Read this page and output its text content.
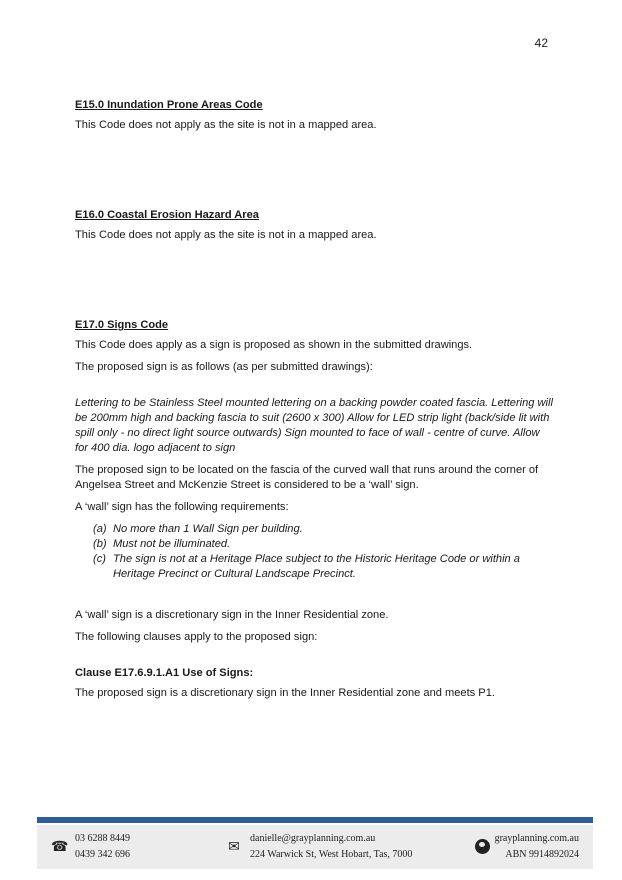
42
E15.0 Inundation Prone Areas Code

This Code does not apply as the site is not in a mapped area.

E16.0 Coastal Erosion Hazard Area

This Code does not apply as the site is not in a mapped area.

E17.0 Signs Code

This Code does apply as a sign is proposed as shown in the submitted drawings.

The proposed sign is as follows (as per submitted drawings):

Lettering to be Stainless Steel mounted lettering on a backing powder coated fascia. Lettering will be 200mm high and backing fascia to suit (2600 x 300) Allow for LED strip light (back/side lit with spill only - no direct light source outwards) Sign mounted to face of wall - centre of curve. Allow for 400 dia. logo adjacent to sign

The proposed sign to be located on the fascia of the curved wall that runs around the corner of Angelsea Street and McKenzie Street is considered to be a ‘wall’ sign.

A ‘wall’ sign has the following requirements:

(a) No more than 1 Wall Sign per building.
(b) Must not be illuminated.
(c) The sign is not at a Heritage Place subject to the Historic Heritage Code or within a Heritage Precinct or Cultural Landscape Precinct.

A ‘wall’ sign is a discretionary sign in the Inner Residential zone.

The following clauses apply to the proposed sign:

Clause E17.6.9.1.A1 Use of Signs:

The proposed sign is a discretionary sign in the Inner Residential zone and meets P1.

☎
03 6288 8449
0439 342 696	✉
danielle@grayplanning.com.au
224 Warwick St, West Hobart, Tas, 7000
grayplanning.com.au
ABN 9914892024
